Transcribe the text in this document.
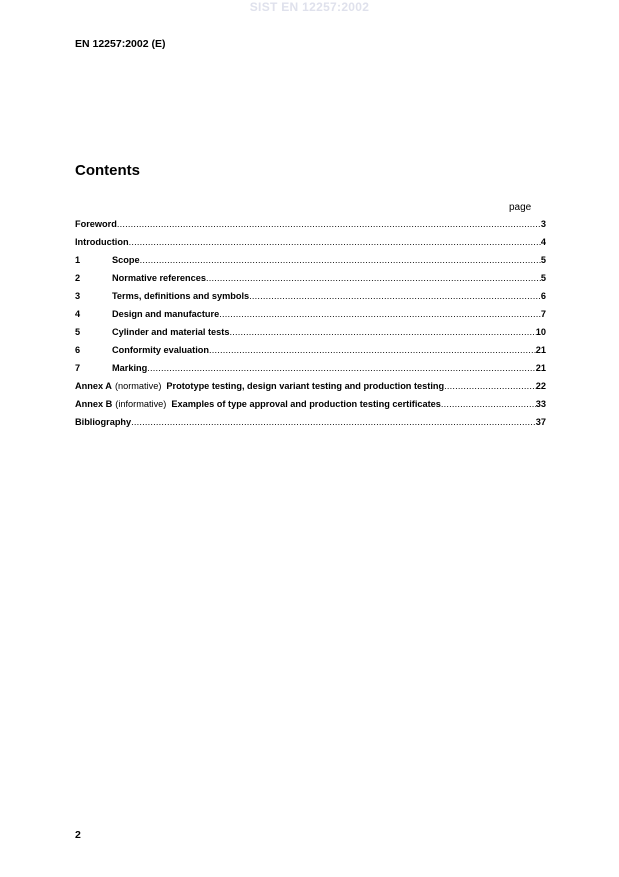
SIST EN 12257:2002
EN 12257:2002 (E)
Contents
page
Foreword .....	3
Introduction .....	4
1	Scope .....	5
2	Normative references .....	5
3	Terms, definitions and symbols .....	6
4	Design and manufacture .....	7
5	Cylinder and material tests .....	10
6	Conformity evaluation .....	21
7	Marking .....	21
Annex A (normative) Prototype testing, design variant testing and production testing .....	22
Annex B (informative) Examples of type approval and production testing certificates .....	33
Bibliography .....	37
2
